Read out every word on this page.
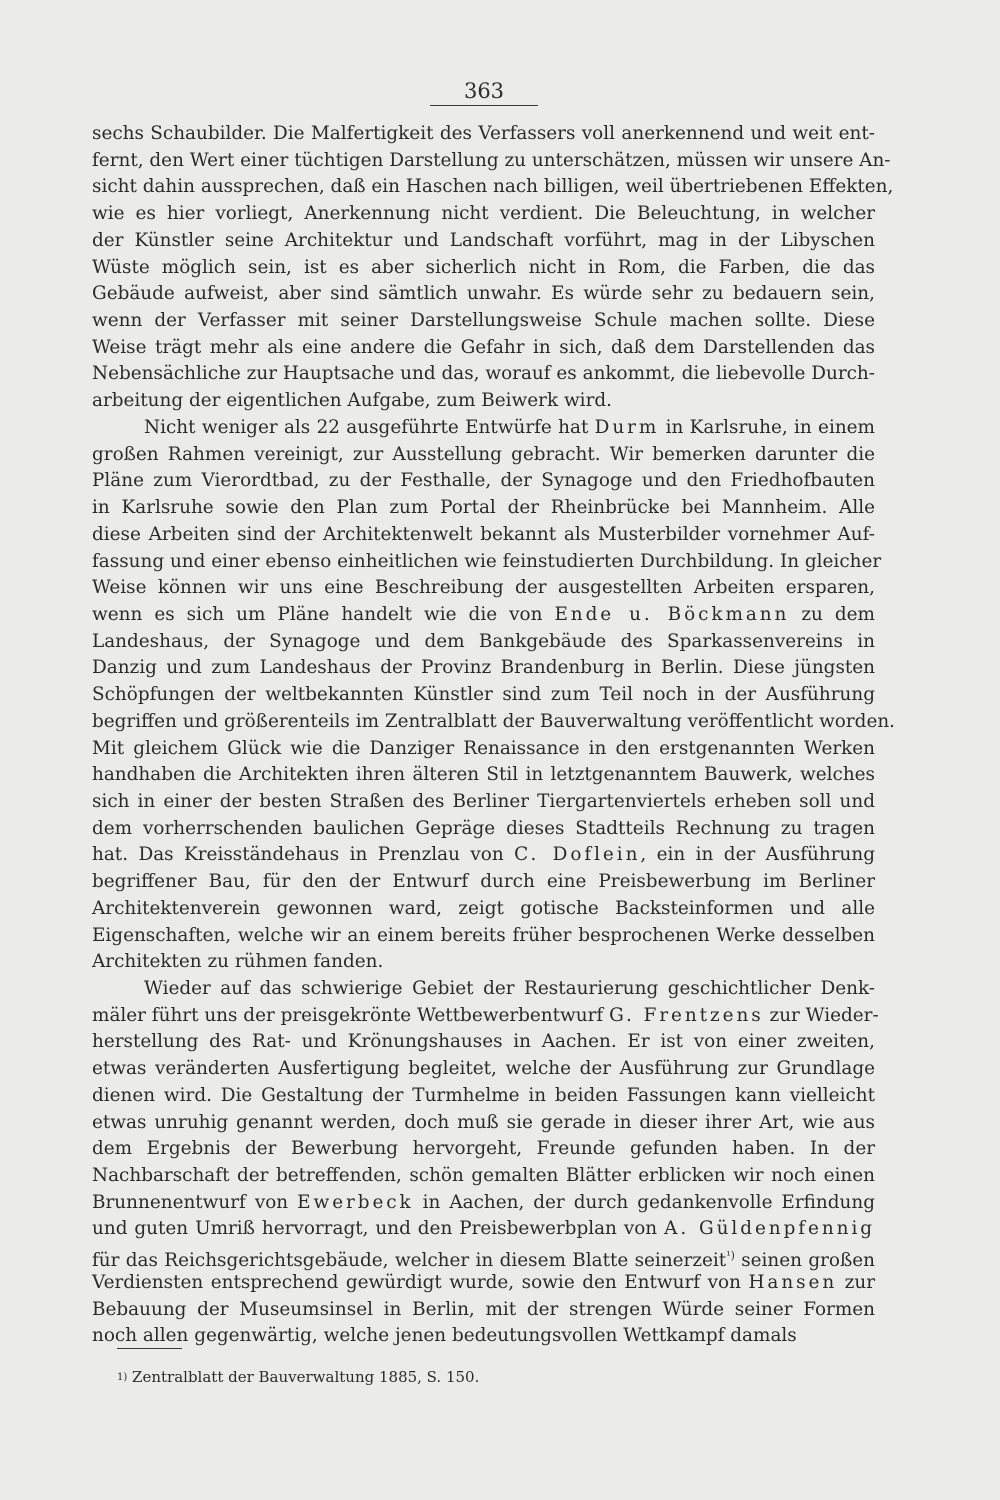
363
sechs Schaubilder. Die Malfertigkeit des Verfassers voll anerkennend und weit ent-
fernt, den Wert einer tüchtigen Darstellung zu unterschätzen, müssen wir unsere An-
sicht dahin aussprechen, daß ein Haschen nach billigen, weil übertriebenen Effekten,
wie es hier vorliegt, Anerkennung nicht verdient. Die Beleuchtung, in welcher
der Künstler seine Architektur und Landschaft vorführt, mag in der Libyschen
Wüste möglich sein, ist es aber sicherlich nicht in Rom, die Farben, die das
Gebäude aufweist, aber sind sämtlich unwahr. Es würde sehr zu bedauern sein,
wenn der Verfasser mit seiner Darstellungsweise Schule machen sollte. Diese
Weise trägt mehr als eine andere die Gefahr in sich, daß dem Darstellenden das
Nebensächliche zur Hauptsache und das, worauf es ankommt, die liebevolle Durch-
arbeitung der eigentlichen Aufgabe, zum Beiwerk wird.
Nicht weniger als 22 ausgeführte Entwürfe hat Durm in Karlsruhe, in einem
großen Rahmen vereinigt, zur Ausstellung gebracht. Wir bemerken darunter die
Pläne zum Vierordtbad, zu der Festhalle, der Synagoge und den Friedhofbauten
in Karlsruhe sowie den Plan zum Portal der Rheinbrücke bei Mannheim. Alle
diese Arbeiten sind der Architektenwelt bekannt als Musterbilder vornehmer Auf-
fassung und einer ebenso einheitlichen wie feinstudierten Durchbildung. In gleicher
Weise können wir uns eine Beschreibung der ausgestellten Arbeiten ersparen,
wenn es sich um Pläne handelt wie die von Ende u. Böckmann zu dem
Landeshaus, der Synagoge und dem Bankgebäude des Sparkassenvereins in
Danzig und zum Landeshaus der Provinz Brandenburg in Berlin. Diese jüngsten
Schöpfungen der weltbekannten Künstler sind zum Teil noch in der Ausführung
begriffen und größerenteils im Zentralblatt der Bauverwaltung veröffentlicht worden.
Mit gleichem Glück wie die Danziger Renaissance in den erstgenannten Werken
handhaben die Architekten ihren älteren Stil in letztgenanntem Bauwerk, welches
sich in einer der besten Straßen des Berliner Tiergartenviertels erheben soll und
dem vorherrschenden baulichen Gepräge dieses Stadtteils Rechnung zu tragen
hat. Das Kreisständehaus in Prenzlau von C. Doflein, ein in der Ausführung
begriffener Bau, für den der Entwurf durch eine Preisbewerbung im Berliner
Architektenverein gewonnen ward, zeigt gotische Backsteinformen und alle
Eigenschaften, welche wir an einem bereits früher besprochenen Werke desselben
Architekten zu rühmen fanden.
Wieder auf das schwierige Gebiet der Restaurierung geschichtlicher Denk-
mäler führt uns der preisgekrönte Wettbewerbentwurf G. Frentzens zur Wieder-
herstellung des Rat- und Krönungshauses in Aachen. Er ist von einer zweiten,
etwas veränderten Ausfertigung begleitet, welche der Ausführung zur Grundlage
dienen wird. Die Gestaltung der Turmhelme in beiden Fassungen kann vielleicht
etwas unruhig genannt werden, doch muß sie gerade in dieser ihrer Art, wie aus
dem Ergebnis der Bewerbung hervorgeht, Freunde gefunden haben. In der
Nachbarschaft der betreffenden, schön gemalten Blätter erblicken wir noch einen
Brunnenentwurf von Ewerbeck in Aachen, der durch gedankenvolle Erfindung
und guten Umriß hervorragt, und den Preisbewerbplan von A. Güldenpfennig
für das Reichsgerichtsgebäude, welcher in diesem Blatte seinerzeit$^{^1)}$ seinen großen
Verdiensten entsprechend gewürdigt wurde, sowie den Entwurf von Hansen zur
Bebauung der Museumsinsel in Berlin, mit der strengen Würde seiner Formen
noch allen gegenwärtig, welche jenen bedeutungsvollen Wettkampf damals
$^{1)}$ Zentralblatt der Bauverwaltung 1885, S. 150.
